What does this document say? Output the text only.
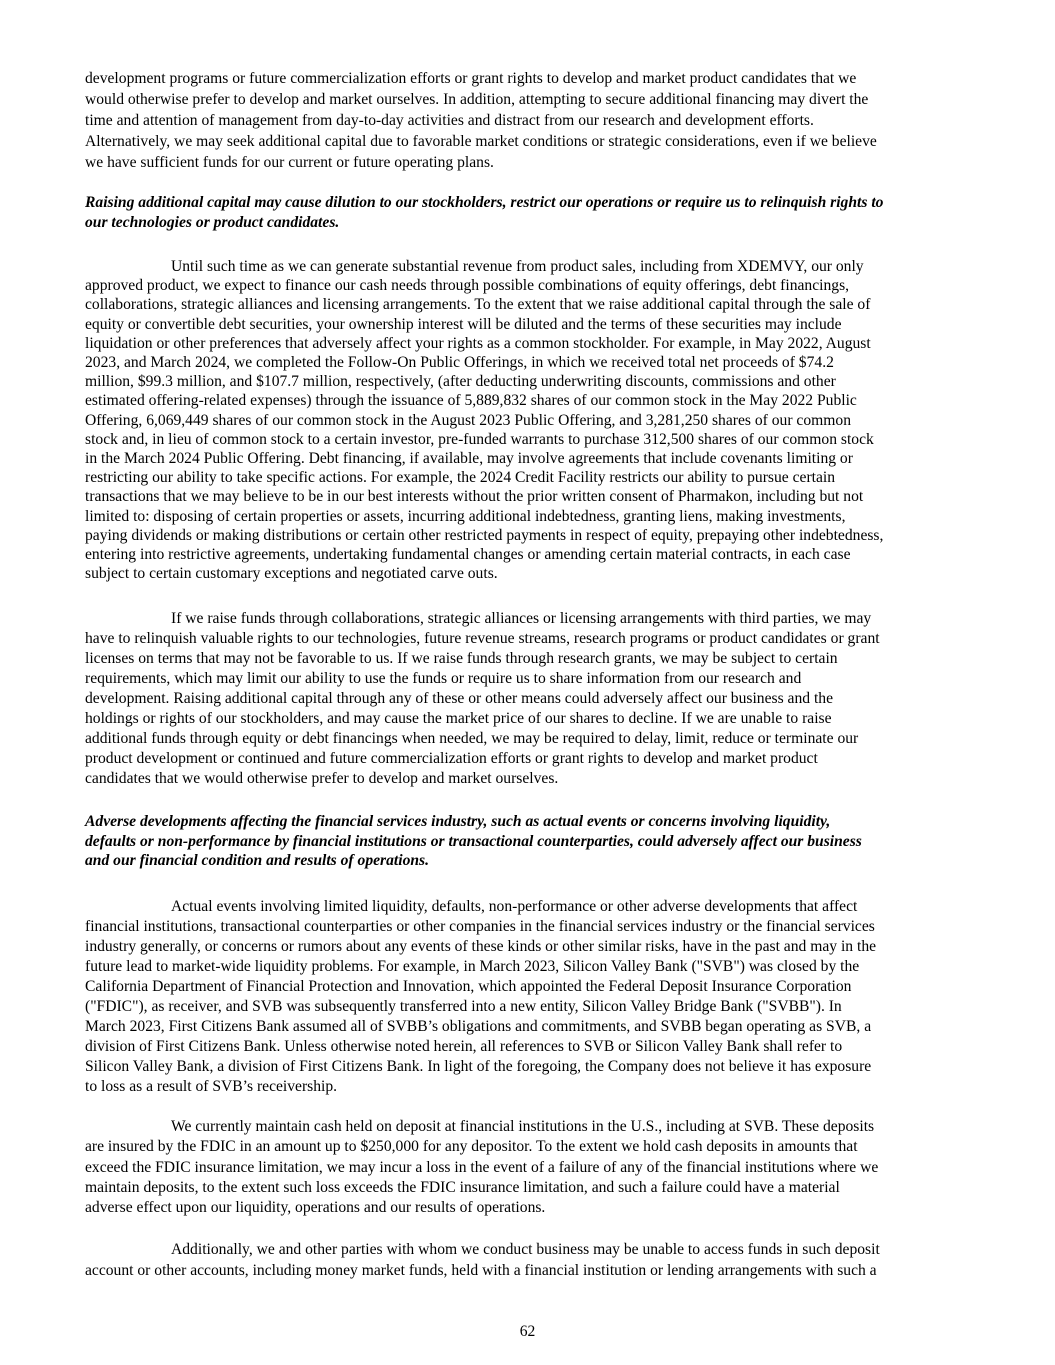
development programs or future commercialization efforts or grant rights to develop and market product candidates that we
would otherwise prefer to develop and market ourselves. In addition, attempting to secure additional financing may divert the
time and attention of management from day-to-day activities and distract from our research and development efforts.
Alternatively, we may seek additional capital due to favorable market conditions or strategic considerations, even if we believe
we have sufficient funds for our current or future operating plans.
Raising additional capital may cause dilution to our stockholders, restrict our operations or require us to relinquish rights to
our technologies or product candidates.
Until such time as we can generate substantial revenue from product sales, including from XDEMVY, our only
approved product, we expect to finance our cash needs through possible combinations of equity offerings, debt financings,
collaborations, strategic alliances and licensing arrangements. To the extent that we raise additional capital through the sale of
equity or convertible debt securities, your ownership interest will be diluted and the terms of these securities may include
liquidation or other preferences that adversely affect your rights as a common stockholder. For example, in May 2022, August
2023, and March 2024, we completed the Follow-On Public Offerings, in which we received total net proceeds of $74.2
million, $99.3 million, and $107.7 million, respectively, (after deducting underwriting discounts, commissions and other
estimated offering-related expenses) through the issuance of 5,889,832 shares of our common stock in the May 2022 Public
Offering, 6,069,449 shares of our common stock in the August 2023 Public Offering, and 3,281,250 shares of our common
stock and, in lieu of common stock to a certain investor, pre-funded warrants to purchase 312,500 shares of our common stock
in the March 2024 Public Offering. Debt financing, if available, may involve agreements that include covenants limiting or
restricting our ability to take specific actions. For example, the 2024 Credit Facility restricts our ability to pursue certain
transactions that we may believe to be in our best interests without the prior written consent of Pharmakon, including but not
limited to: disposing of certain properties or assets, incurring additional indebtedness, granting liens, making investments,
paying dividends or making distributions or certain other restricted payments in respect of equity, prepaying other indebtedness,
entering into restrictive agreements, undertaking fundamental changes or amending certain material contracts, in each case
subject to certain customary exceptions and negotiated carve outs.
If we raise funds through collaborations, strategic alliances or licensing arrangements with third parties, we may
have to relinquish valuable rights to our technologies, future revenue streams, research programs or product candidates or grant
licenses on terms that may not be favorable to us. If we raise funds through research grants, we may be subject to certain
requirements, which may limit our ability to use the funds or require us to share information from our research and
development. Raising additional capital through any of these or other means could adversely affect our business and the
holdings or rights of our stockholders, and may cause the market price of our shares to decline. If we are unable to raise
additional funds through equity or debt financings when needed, we may be required to delay, limit, reduce or terminate our
product development or continued and future commercialization efforts or grant rights to develop and market product
candidates that we would otherwise prefer to develop and market ourselves.
Adverse developments affecting the financial services industry, such as actual events or concerns involving liquidity,
defaults or non-performance by financial institutions or transactional counterparties, could adversely affect our business
and our financial condition and results of operations.
Actual events involving limited liquidity, defaults, non-performance or other adverse developments that affect
financial institutions, transactional counterparties or other companies in the financial services industry or the financial services
industry generally, or concerns or rumors about any events of these kinds or other similar risks, have in the past and may in the
future lead to market-wide liquidity problems. For example, in March 2023, Silicon Valley Bank ("SVB") was closed by the
California Department of Financial Protection and Innovation, which appointed the Federal Deposit Insurance Corporation
("FDIC"), as receiver, and SVB was subsequently transferred into a new entity, Silicon Valley Bridge Bank ("SVBB"). In
March 2023, First Citizens Bank assumed all of SVBB’s obligations and commitments, and SVBB began operating as SVB, a
division of First Citizens Bank. Unless otherwise noted herein, all references to SVB or Silicon Valley Bank shall refer to
Silicon Valley Bank, a division of First Citizens Bank. In light of the foregoing, the Company does not believe it has exposure
to loss as a result of SVB’s receivership.
We currently maintain cash held on deposit at financial institutions in the U.S., including at SVB. These deposits
are insured by the FDIC in an amount up to $250,000 for any depositor. To the extent we hold cash deposits in amounts that
exceed the FDIC insurance limitation, we may incur a loss in the event of a failure of any of the financial institutions where we
maintain deposits, to the extent such loss exceeds the FDIC insurance limitation, and such a failure could have a material
adverse effect upon our liquidity, operations and our results of operations.
Additionally, we and other parties with whom we conduct business may be unable to access funds in such deposit
account or other accounts, including money market funds, held with a financial institution or lending arrangements with such a
62
